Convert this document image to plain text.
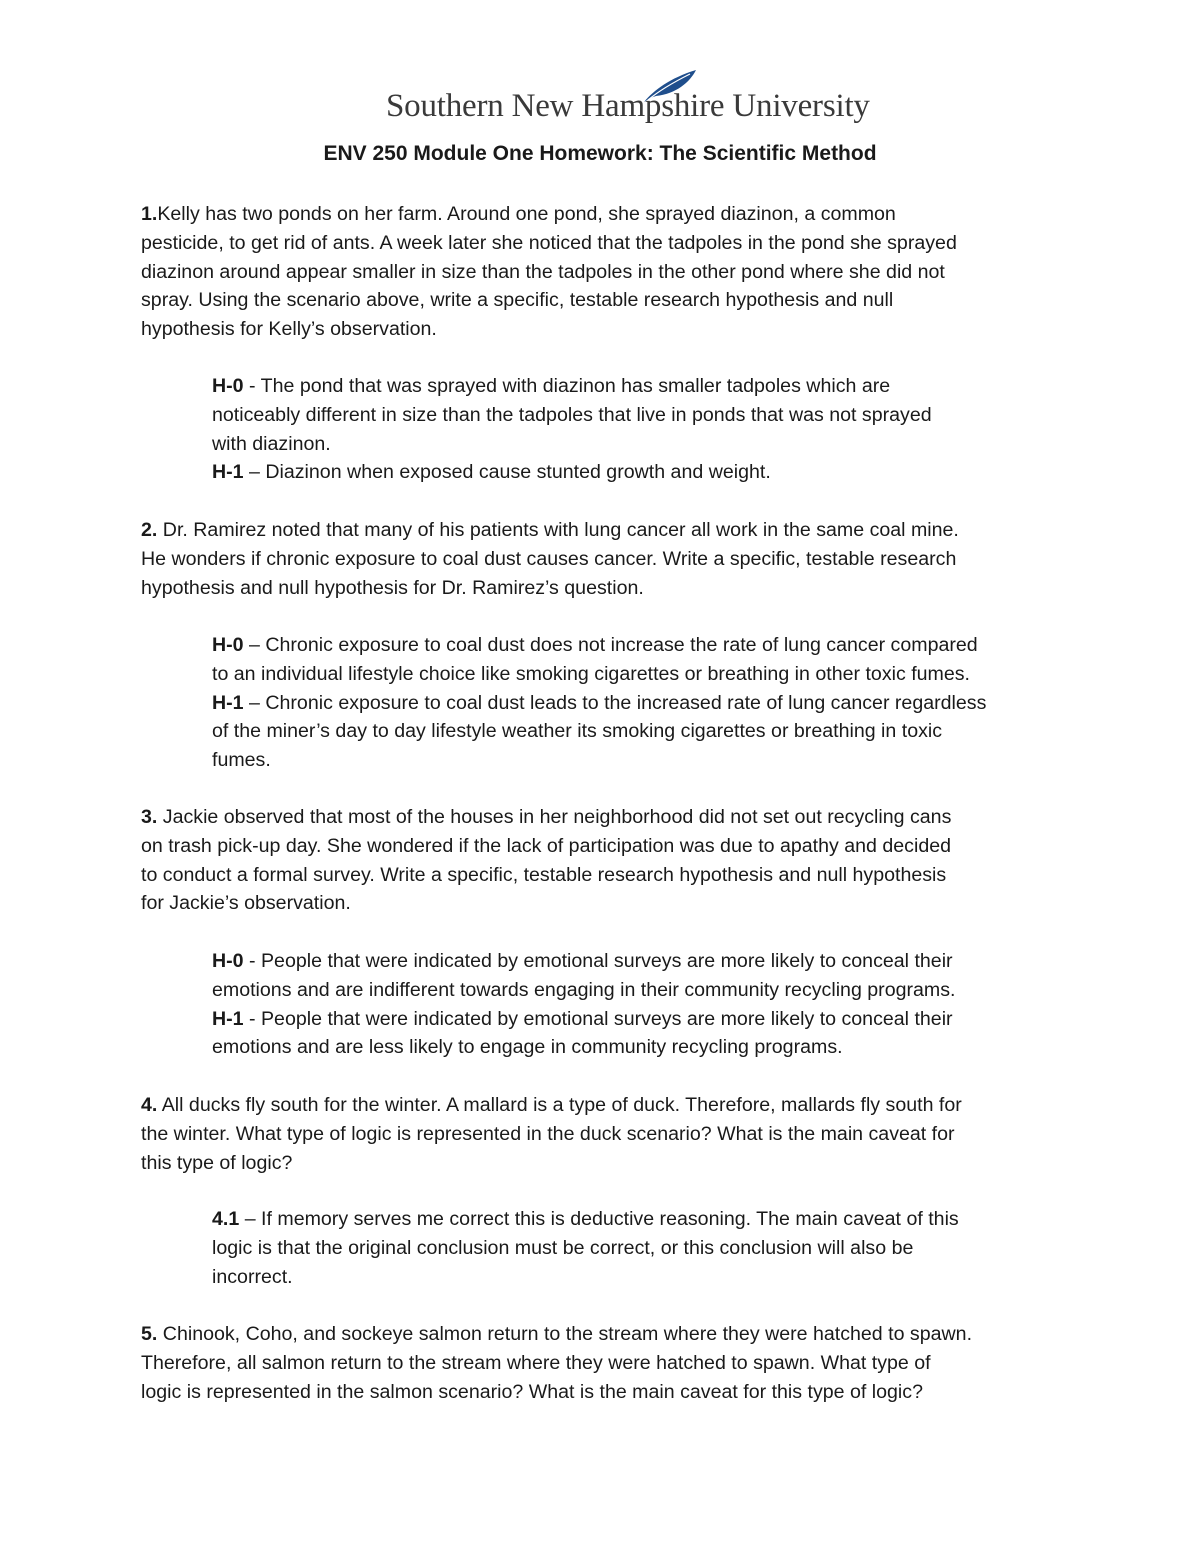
Southern New Hampshire University
ENV 250 Module One Homework: The Scientific Method
1.Kelly has two ponds on her farm. Around one pond, she sprayed diazinon, a common
pesticide, to get rid of ants. A week later she noticed that the tadpoles in the pond she sprayed
diazinon around appear smaller in size than the tadpoles in the other pond where she did not
spray. Using the scenario above, write a specific, testable research hypothesis and null
hypothesis for Kelly’s observation.
H-0 - The pond that was sprayed with diazinon has smaller tadpoles which are
noticeably different in size than the tadpoles that live in ponds that was not sprayed
with diazinon.
H-1 – Diazinon when exposed cause stunted growth and weight.
2. Dr. Ramirez noted that many of his patients with lung cancer all work in the same coal mine.
He wonders if chronic exposure to coal dust causes cancer. Write a specific, testable research
hypothesis and null hypothesis for Dr. Ramirez’s question.
H-0 – Chronic exposure to coal dust does not increase the rate of lung cancer compared
to an individual lifestyle choice like smoking cigarettes or breathing in other toxic fumes.
H-1 – Chronic exposure to coal dust leads to the increased rate of lung cancer regardless
of the miner’s day to day lifestyle weather its smoking cigarettes or breathing in toxic
fumes.
3. Jackie observed that most of the houses in her neighborhood did not set out recycling cans
on trash pick-up day. She wondered if the lack of participation was due to apathy and decided
to conduct a formal survey. Write a specific, testable research hypothesis and null hypothesis
for Jackie’s observation.
H-0 - People that were indicated by emotional surveys are more likely to conceal their
emotions and are indifferent towards engaging in their community recycling programs.
H-1 - People that were indicated by emotional surveys are more likely to conceal their
emotions and are less likely to engage in community recycling programs.
4. All ducks fly south for the winter. A mallard is a type of duck. Therefore, mallards fly south for
the winter. What type of logic is represented in the duck scenario? What is the main caveat for
this type of logic?
4.1 – If memory serves me correct this is deductive reasoning. The main caveat of this
logic is that the original conclusion must be correct, or this conclusion will also be
incorrect.
5. Chinook, Coho, and sockeye salmon return to the stream where they were hatched to spawn.
Therefore, all salmon return to the stream where they were hatched to spawn. What type of
logic is represented in the salmon scenario? What is the main caveat for this type of logic?
